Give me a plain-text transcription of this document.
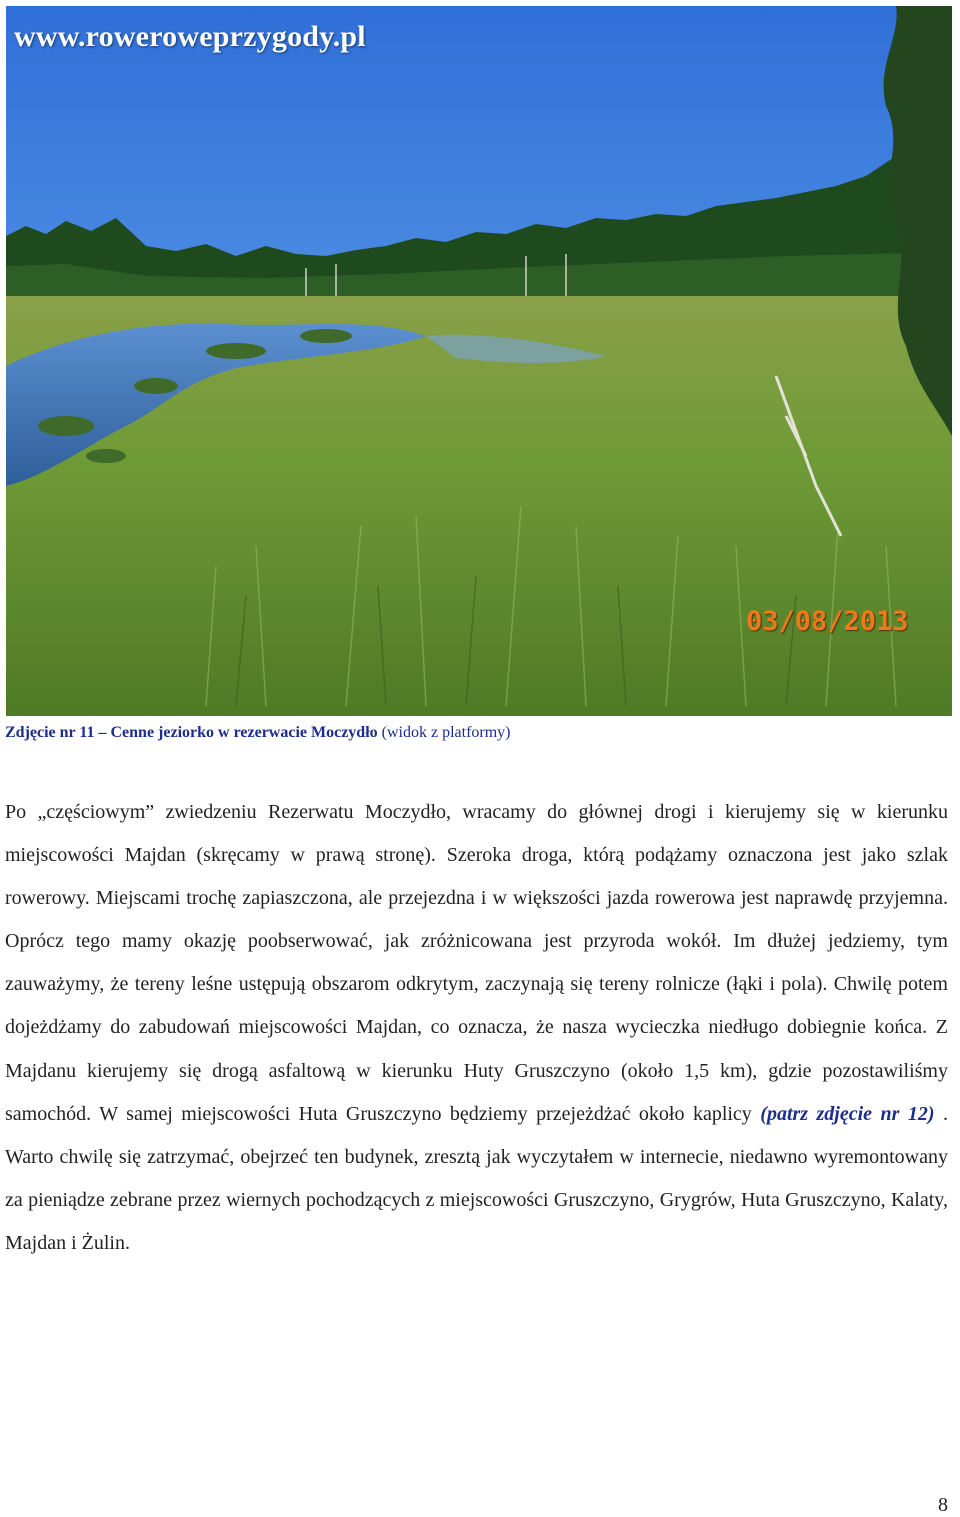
www.roweroweprzygody.pl
03/08/2013
Zdjęcie nr 11 – Cenne jeziorko w rezerwacie Moczydło (widok z platformy)
Po „częściowym” zwiedzeniu Rezerwatu Moczydło, wracamy do głównej drogi i kierujemy się w kierunku miejscowości Majdan (skręcamy w prawą stronę). Szeroka droga, którą podążamy oznaczona jest jako szlak rowerowy. Miejscami trochę zapiaszczona, ale przejezdna i w większości jazda rowerowa jest naprawdę przyjemna. Oprócz tego mamy okazję poobserwować, jak zróżnicowana jest przyroda wokół. Im dłużej jedziemy, tym zauważymy, że tereny leśne ustępują obszarom odkrytym, zaczynają się tereny rolnicze (łąki i pola). Chwilę potem dojeżdżamy do zabudowań miejscowości Majdan, co oznacza, że nasza wycieczka niedługo dobiegnie końca. Z Majdanu kierujemy się drogą asfaltową w kierunku Huty Gruszczyno (około 1,5 km), gdzie pozostawiliśmy samochód. W samej miejscowości Huta Gruszczyno będziemy przejeżdżać około kaplicy (patrz zdjęcie nr 12) . Warto chwilę się zatrzymać, obejrzeć ten budynek, zresztą jak wyczytałem w internecie, niedawno wyremontowany za pieniądze zebrane przez wiernych pochodzących z miejscowości Gruszczyno, Grygrów, Huta Gruszczyno, Kalaty, Majdan i Żulin.
8
